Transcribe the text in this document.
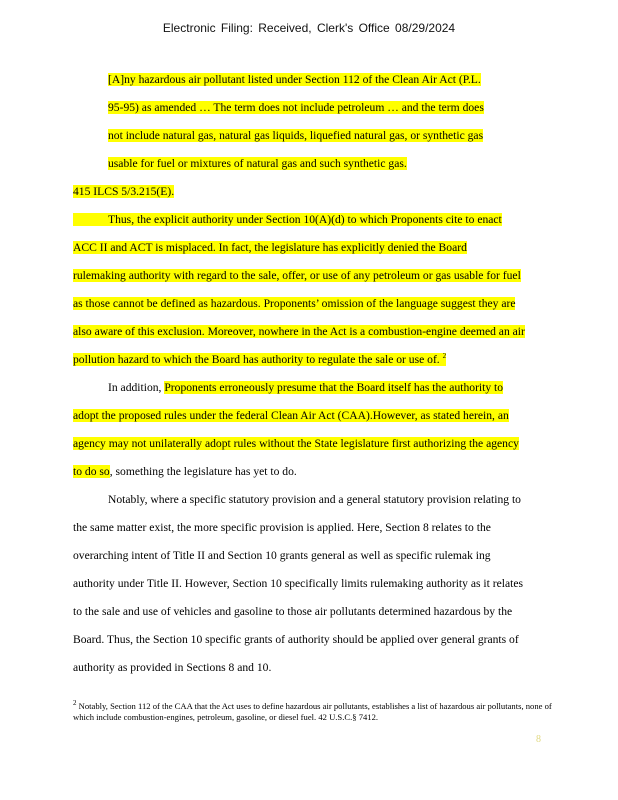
Electronic Filing: Received, Clerk's Office 08/29/2024
[A]ny hazardous air pollutant listed under Section 112 of the Clean Air Act (P.L.
95-95) as amended … The term does not include petroleum … and the term does
not include natural gas, natural gas liquids, liquefied natural gas, or synthetic gas
usable for fuel or mixtures of natural gas and such synthetic gas.
415 ILCS 5/3.215(E).
Thus, the explicit authority under Section 10(A)(d) to which Proponents cite to enact
ACC II and ACT is misplaced. In fact, the legislature has explicitly denied the Board
rulemaking authority with regard to the sale, offer, or use of any petroleum or gas usable for fuel
as those cannot be defined as hazardous. Proponents’ omission of the language suggest they are
also aware of this exclusion. Moreover, nowhere in the Act is a combustion-engine deemed an air
pollution hazard to which the Board has authority to regulate the sale or use of. $^2$
In addition, Proponents erroneously presume that the Board itself has the authority to
adopt the proposed rules under the federal Clean Air Act (CAA).However, as stated herein, an
agency may not unilaterally adopt rules without the State legislature first authorizing the agency
to do so, something the legislature has yet to do.
Notably, where a specific statutory provision and a general statutory provision relating to
the same matter exist, the more specific provision is applied. Here, Section 8 relates to the
overarching intent of Title II and Section 10 grants general as well as specific rulemak ing
authority under Title II. However, Section 10 specifically limits rulemaking authority as it relates
to the sale and use of vehicles and gasoline to those air pollutants determined hazardous by the
Board. Thus, the Section 10 specific grants of authority should be applied over general grants of
authority as provided in Sections 8 and 10.
$^2$ Notably, Section 112 of the CAA that the Act uses to define hazardous air pollutants, establishes a list of hazardous air pollutants, none of which include combustion-engines, petroleum, gasoline, or diesel fuel. 42 U.S.C.§ 7412.
8
